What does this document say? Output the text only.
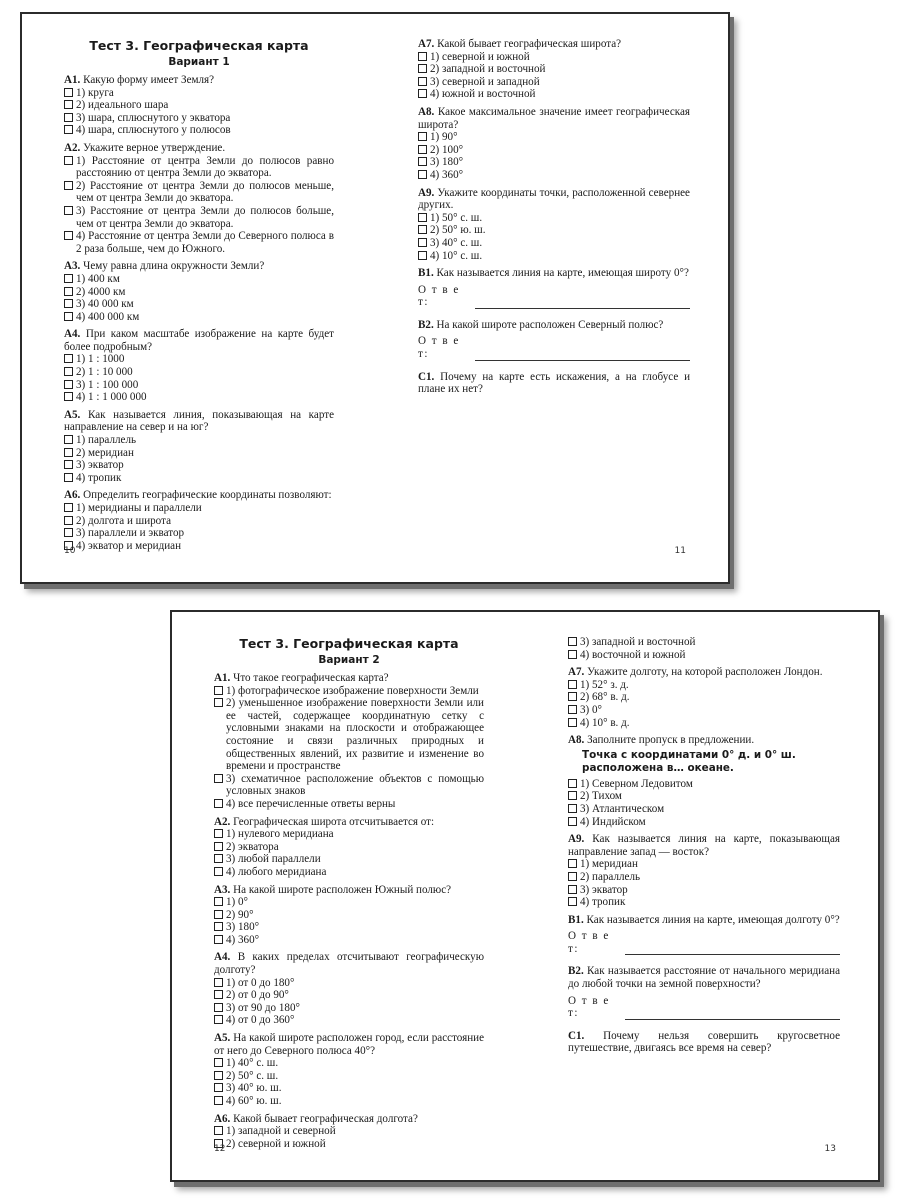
Тест 3. Географическая карта
Вариант 1
А1. Какую форму имеет Земля?
1) круга
2) идеального шара
3) шара, сплюснутого у экватора
4) шара, сплюснутого у полюсов
А2. Укажите верное утверждение.
1) Расстояние от центра Земли до полюсов равно расстоянию от центра Земли до экватора.
2) Расстояние от центра Земли до полюсов меньше, чем от центра Земли до экватора.
3) Расстояние от центра Земли до полюсов больше, чем от центра Земли до экватора.
4) Расстояние от центра Земли до Северного полюса в 2 раза больше, чем до Южного.
А3. Чему равна длина окружности Земли?
1) 400 км
2) 4000 км
3) 40 000 км
4) 400 000 км
А4. При каком масштабе изображение на карте будет более подробным?
1) 1 : 1000
2) 1 : 10 000
3) 1 : 100 000
4) 1 : 1 000 000
А5. Как называется линия, показывающая на карте направление на север и на юг?
1) параллель
2) меридиан
3) экватор
4) тропик
А6. Определить географические координаты позволяют:
1) меридианы и параллели
2) долгота и широта
3) параллели и экватор
4) экватор и меридиан
А7. Какой бывает географическая широта?
1) северной и южной
2) западной и восточной
3) северной и западной
4) южной и восточной
А8. Какое максимальное значение имеет географическая широта?
1) 90°
2) 100°
3) 180°
4) 360°
А9. Укажите координаты точки, расположенной севернее других.
1) 50° с. ш.
2) 50° ю. ш.
3) 40° с. ш.
4) 10° с. ш.
В1. Как называется линия на карте, имеющая широту 0°?
О т в е т:
В2. На какой широте расположен Северный полюс?
О т в е т:
С1. Почему на карте есть искажения, а на глобусе и плане их нет?
10	11
Тест 3. Географическая карта
Вариант 2
А1. Что такое географическая карта?
1) фотографическое изображение поверхности Земли
2) уменьшенное изображение поверхности Земли или ее частей, содержащее координатную сетку с условными знаками на плоскости и отображающее состояние и связи различных природных и общественных явлений, их развитие и изменение во времени и пространстве
3) схематичное расположение объектов с помощью условных знаков
4) все перечисленные ответы верны
А2. Географическая широта отсчитывается от:
1) нулевого меридиана
2) экватора
3) любой параллели
4) любого меридиана
А3. На какой широте расположен Южный полюс?
1) 0°
2) 90°
3) 180°
4) 360°
А4. В каких пределах отсчитывают географическую долготу?
1) от 0 до 180°
2) от 0 до 90°
3) от 90 до 180°
4) от 0 до 360°
А5. На какой широте расположен город, если расстояние от него до Северного полюса 40°?
1) 40° с. ш.
2) 50° с. ш.
3) 40° ю. ш.
4) 60° ю. ш.
А6. Какой бывает географическая долгота?
1) западной и северной
2) северной и южной
3) западной и восточной
4) восточной и южной
А7. Укажите долготу, на которой расположен Лондон.
1) 52° з. д.
2) 68° в. д.
3) 0°
4) 10° в. д.
А8. Заполните пропуск в предложении.
Точка с координатами 0° д. и 0° ш. расположена в… океане.
1) Северном Ледовитом
2) Тихом
3) Атлантическом
4) Индийском
А9. Как называется линия на карте, показывающая направление запад — восток?
1) меридиан
2) параллель
3) экватор
4) тропик
В1. Как называется линия на карте, имеющая долготу 0°?
О т в е т:
В2. Как называется расстояние от начального меридиана до любой точки на земной поверхности?
О т в е т:
С1. Почему нельзя совершить кругосветное путешествие, двигаясь все время на север?
12	13
